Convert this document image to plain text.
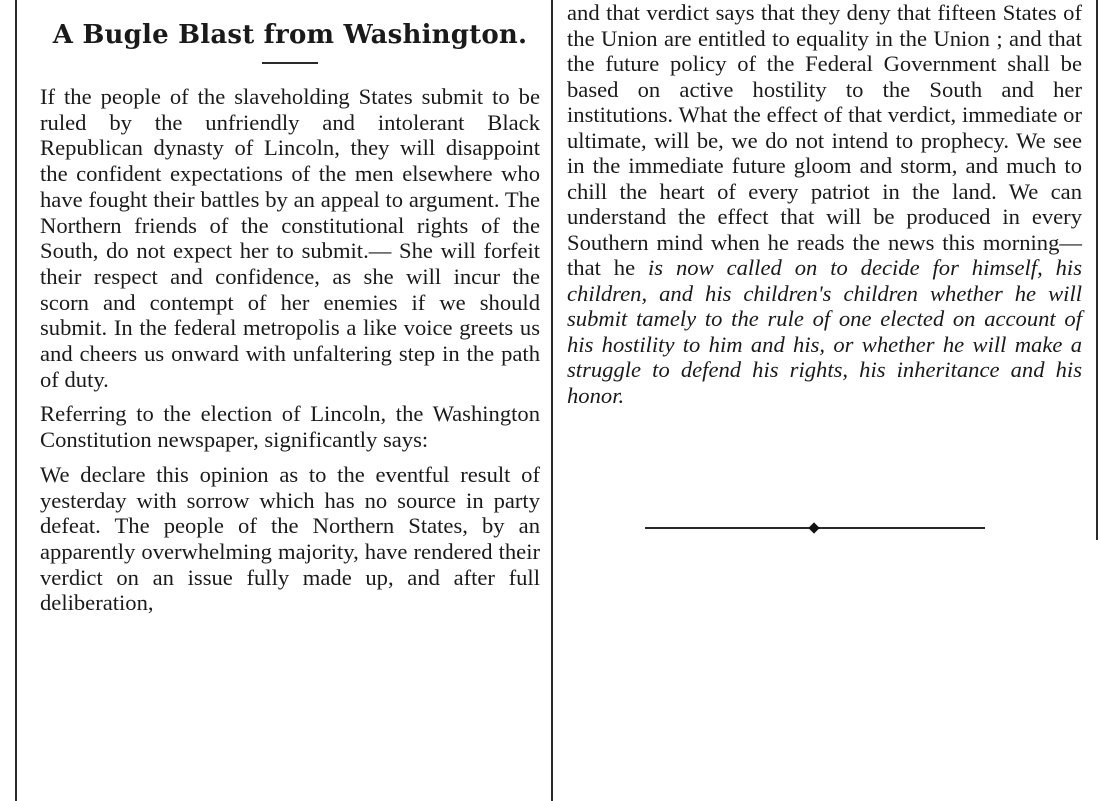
A Bugle Blast from Washington.

If the people of the slaveholding States submit to be ruled by the unfriendly and intolerant Black Republican dynasty of Lincoln, they will disappoint the confident expectations of the men elsewhere who have fought their battles by an appeal to argument. The Northern friends of the constitutional rights of the South, do not expect her to submit.— She will forfeit their respect and confidence, as she will incur the scorn and contempt of her enemies if we should submit. In the federal metropolis a like voice greets us and cheers us onward with unfaltering step in the path of duty.

Referring to the election of Lincoln, the Washington Constitution newspaper, significantly says:

We declare this opinion as to the eventful result of yesterday with sorrow which has no source in party defeat. The people of the Northern States, by an apparently overwhelming majority, have rendered their verdict on an issue fully made up, and after full deliberation,

and that verdict says that they deny that fifteen States of the Union are entitled to equality in the Union ; and that the future policy of the Federal Government shall be based on active hostility to the South and her institutions. What the effect of that verdict, immediate or ultimate, will be, we do not intend to prophecy. We see in the immediate future gloom and storm, and much to chill the heart of every patriot in the land. We can understand the effect that will be produced in every Southern mind when he reads the news this morning—that he is now called on to decide for himself, his children, and his children's children whether he will submit tamely to the rule of one elected on account of his hostility to him and his, or whether he will make a struggle to defend his rights, his inheritance and his honor.
